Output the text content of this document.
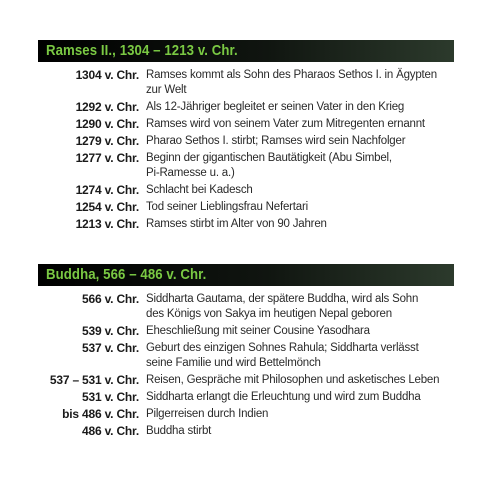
Ramses II., 1304 – 1213 v. Chr.
1304 v. Chr. Ramses kommt als Sohn des Pharaos Sethos I. in Ägypten
zur Welt
1292 v. Chr. Als 12-Jähriger begleitet er seinen Vater in den Krieg
1290 v. Chr. Ramses wird von seinem Vater zum Mitregenten ernannt
1279 v. Chr. Pharao Sethos I. stirbt; Ramses wird sein Nachfolger
1277 v. Chr. Beginn der gigantischen Bautätigkeit (Abu Simbel,
Pi-Ramesse u. a.)
1274 v. Chr. Schlacht bei Kadesch
1254 v. Chr. Tod seiner Lieblingsfrau Nefertari
1213 v. Chr. Ramses stirbt im Alter von 90 Jahren
Buddha, 566 – 486 v. Chr.
566 v. Chr. Siddharta Gautama, der spätere Buddha, wird als Sohn
des Königs von Sakya im heutigen Nepal geboren
539 v. Chr. Eheschließung mit seiner Cousine Yasodhara
537 v. Chr. Geburt des einzigen Sohnes Rahula; Siddharta verlässt
seine Familie und wird Bettelmönch
537 – 531 v. Chr. Reisen, Gespräche mit Philosophen und asketisches Leben
531 v. Chr. Siddharta erlangt die Erleuchtung und wird zum Buddha
bis 486 v. Chr. Pilgerreisen durch Indien
486 v. Chr. Buddha stirbt
